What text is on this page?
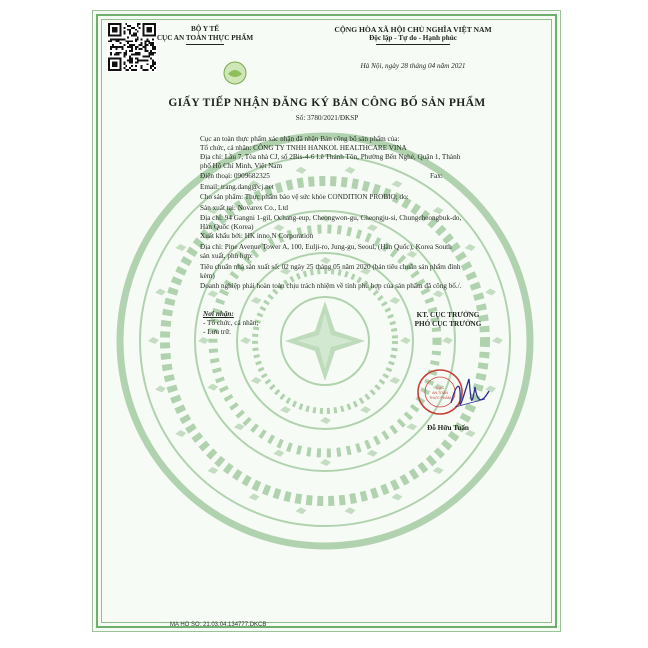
BỘ Y TẾ
CỤC AN TOÀN THỰC PHẨM
CỘNG HÒA XÃ HỘI CHỦ NGHĨA VIỆT NAM
Độc lập - Tự do - Hạnh phúc
Hà Nội, ngày 28 tháng 04 năm 2021
GIẤY TIẾP NHẬN ĐĂNG KÝ BẢN CÔNG BỐ SẢN PHẨM
Số: 3780/2021/ĐKSP
Cục an toàn thực phẩm xác nhận đã nhận Bản công bố sản phẩm của:
Tổ chức, cá nhân: CÔNG TY TNHH HANKOL HEALTHCARE VINA
Địa chỉ: Lầu 7, Tòa nhà CJ, số 2Bis-4-6 Lê Thánh Tôn, Phường Bến Nghé, Quận 1, Thành
phố Hồ Chí Minh, Việt Nam
Điện thoại: 0909682325	Fax:
Email: trang.dang@cj.net
Cho sản phẩm: Thực phẩm bảo vệ sức khỏe CONDITION PROBIO; do:
Sản xuất tại: Novarex Co., Ltd
Địa chỉ: 94 Gangni 1-gil, Ochang-eup, Cheongwon-gu, Cheongju-si, Chungcheongbuk-do,
Hàn Quốc (Korea)
Xuất khẩu bởi: HK inno.N Corporation
Địa chỉ: Pine Avenue Tower A, 100, Eulji-ro, Jung-gu, Seoul, (Hàn Quốc), Korea South
sản xuất, phù hợp:
Tiêu chuẩn nhà sản xuất số: 02 ngày 25 tháng 05 năm 2020 (bản tiêu chuẩn sản phẩm đính
kèm)
Doanh nghiệp phải hoàn toàn chịu trách nhiệm về tính phù hợp của sản phẩm đã công bố./.
Nơi nhận:
- Tổ chức, cá nhân;
- Lưu trữ.
KT. CỤC TRƯỞNG
PHÓ CỤC TRƯỞNG
CỤC
AN TOÀN
THỰC PHẨM
Đỗ Hữu Tuấn
MA HO SO: 21.03.04.134777.DKCB
